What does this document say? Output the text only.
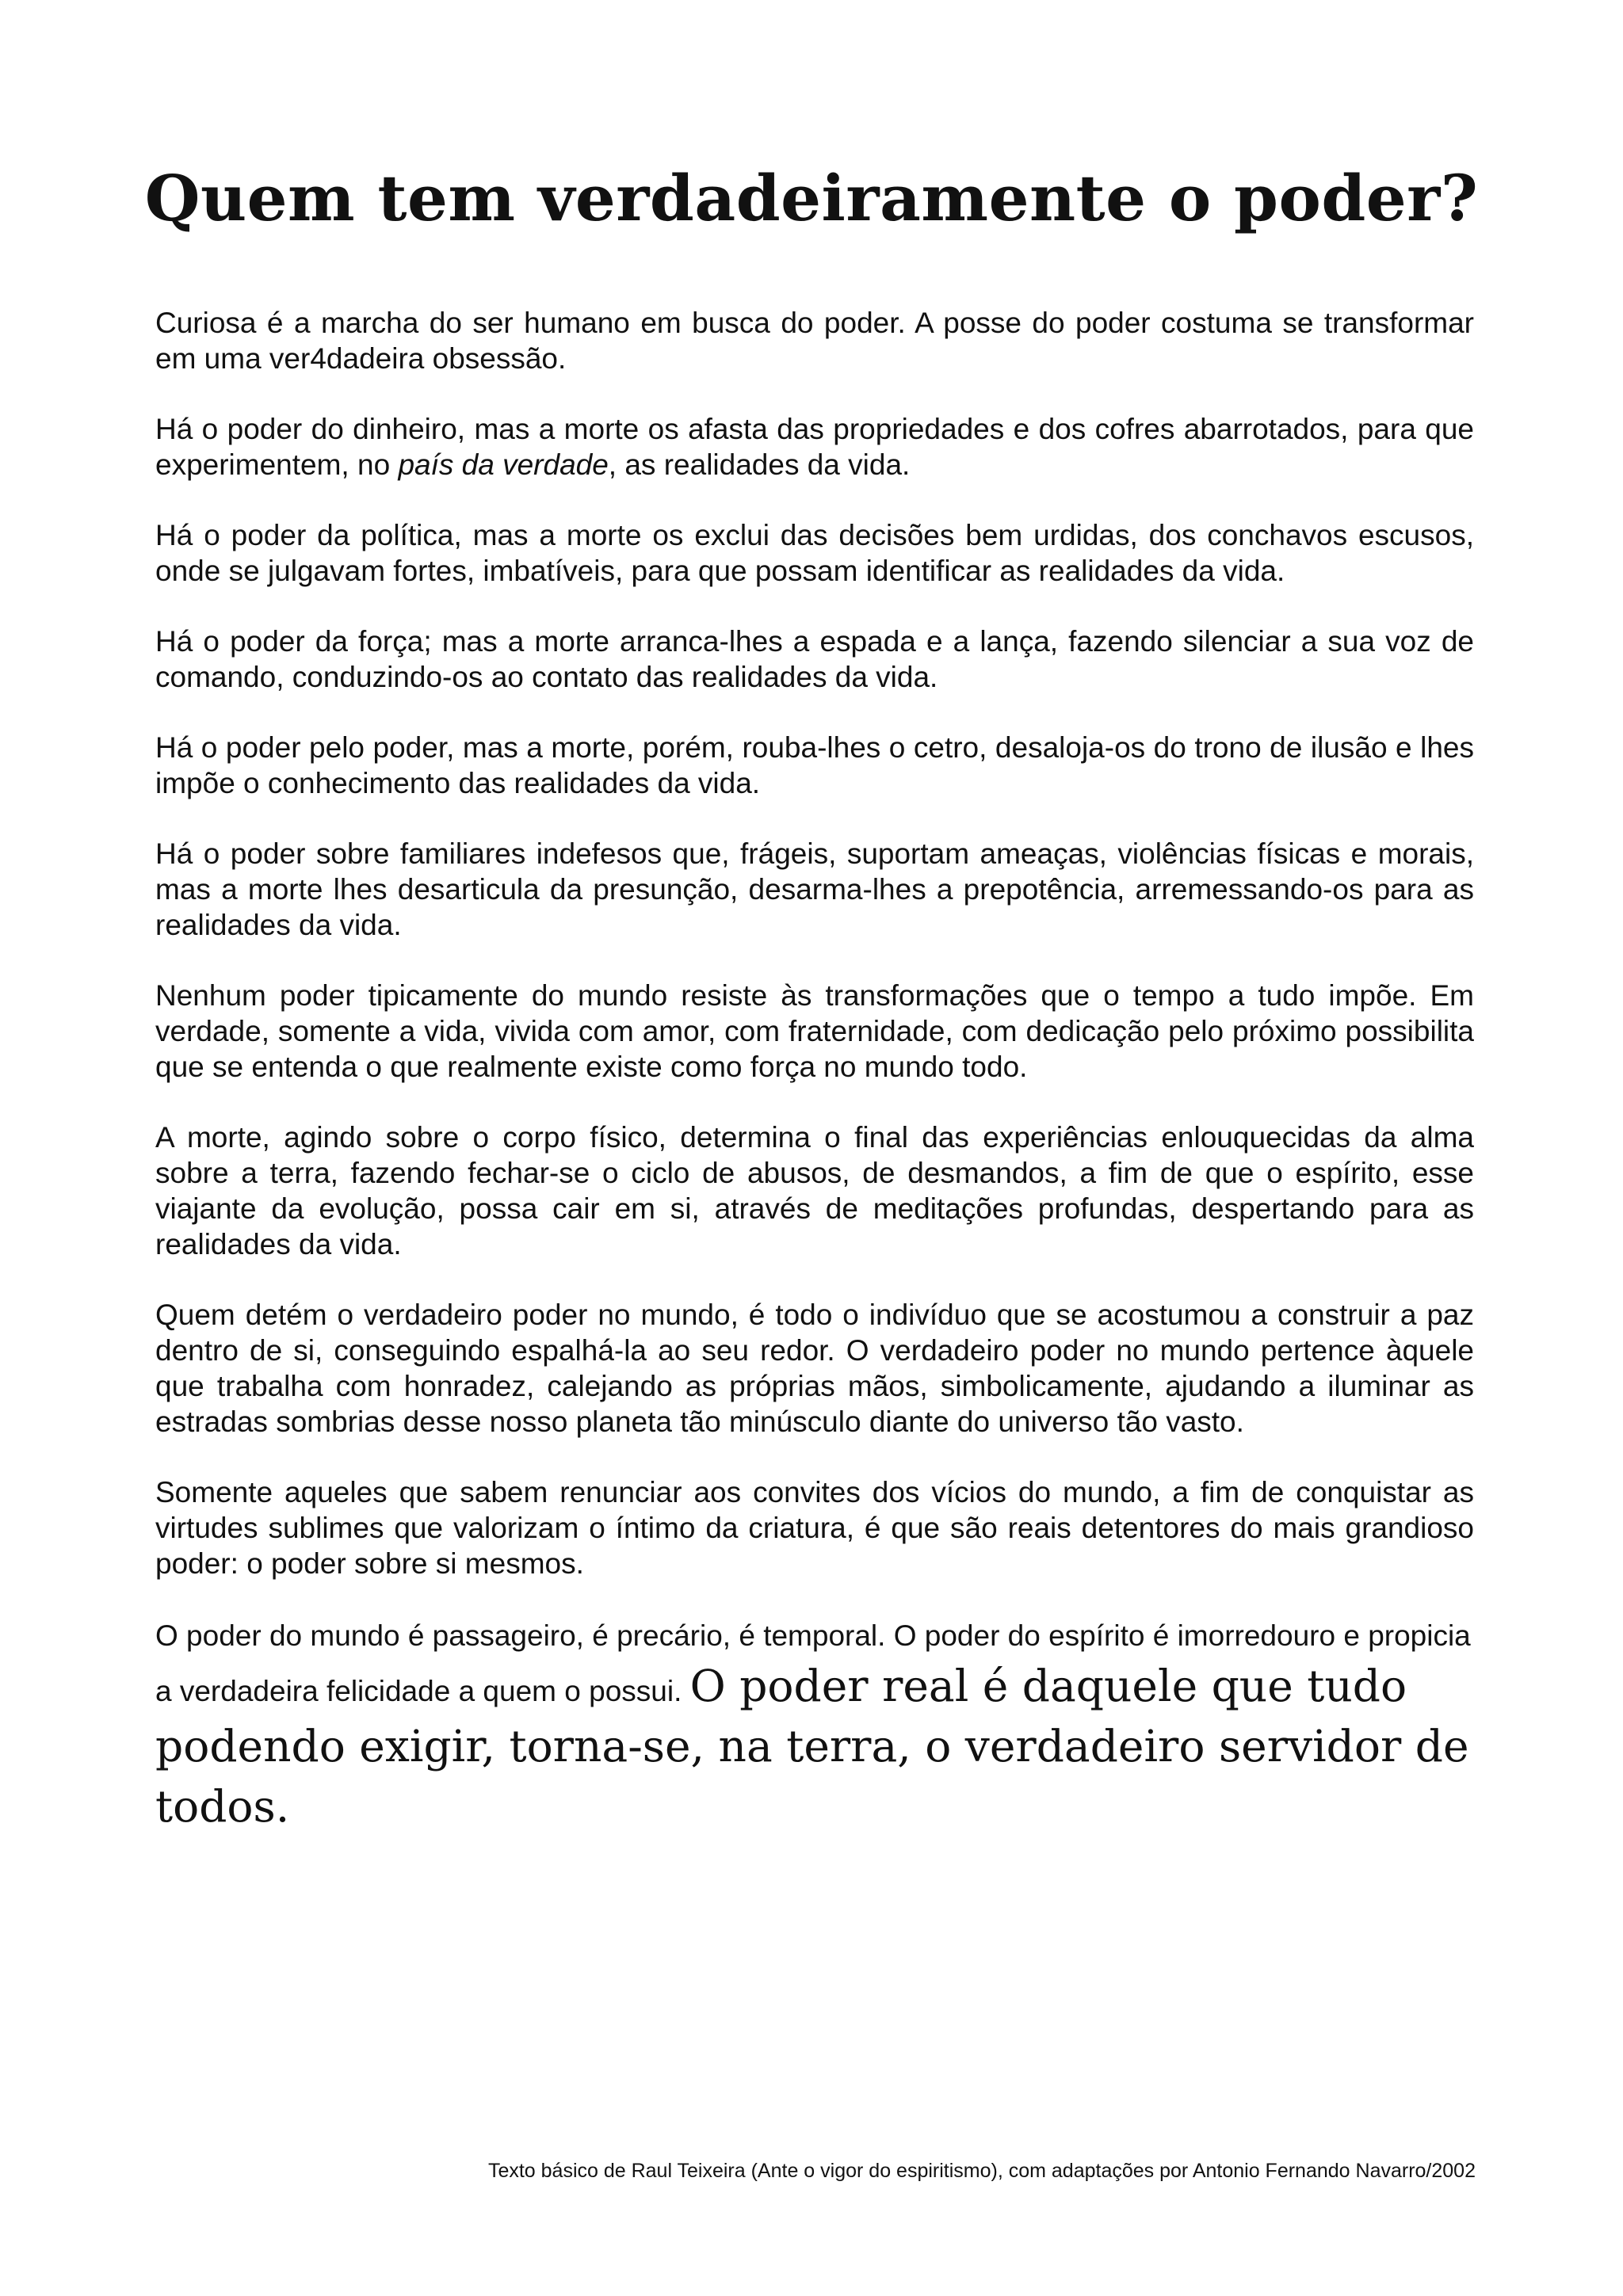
Quem tem verdadeiramente o poder?

Curiosa é a marcha do ser humano em busca do poder. A posse do poder costuma se transformar em uma ver4dadeira obsessão.

Há o poder do dinheiro, mas a morte os afasta das propriedades e dos cofres abarrotados, para que experimentem, no país da verdade, as realidades da vida.

Há o poder da política, mas a morte os exclui das decisões bem urdidas, dos conchavos escusos, onde se julgavam fortes, imbatíveis, para que possam identificar as realidades da vida.

Há o poder da força; mas a morte arranca-lhes a espada e a lança, fazendo silenciar a sua voz de comando, conduzindo-os ao contato das realidades da vida.

Há o poder pelo poder, mas a morte, porém, rouba-lhes o cetro, desaloja-os do trono de ilusão e lhes impõe o conhecimento das realidades da vida.

Há o poder sobre familiares indefesos que, frágeis, suportam ameaças, violências físicas e morais, mas a morte lhes desarticula da presunção, desarma-lhes a prepotência, arremessando-os para as realidades da vida.

Nenhum poder tipicamente do mundo resiste às transformações que o tempo a tudo impõe. Em verdade, somente a vida, vivida com amor, com fraternidade, com dedicação pelo próximo possibilita que se entenda o que realmente existe como força no mundo todo.

A morte, agindo sobre o corpo físico, determina o final das experiências enlouquecidas da alma sobre a terra, fazendo fechar-se o ciclo de abusos, de desmandos, a fim de que o espírito, esse viajante da evolução, possa cair em si, através de meditações profundas, despertando para as realidades da vida.

Quem detém o verdadeiro poder no mundo, é todo o indivíduo que se acostumou a construir a paz dentro de si, conseguindo espalhá-la ao seu redor. O verdadeiro poder no mundo pertence àquele que trabalha com honradez, calejando as próprias mãos, simbolicamente, ajudando a iluminar as estradas sombrias desse nosso planeta tão minúsculo diante do universo tão vasto.

Somente aqueles que sabem renunciar aos convites dos vícios do mundo, a fim de conquistar as virtudes sublimes que valorizam o íntimo da criatura, é que são reais detentores do mais grandioso poder: o poder sobre si mesmos.

O poder do mundo é passageiro, é precário, é temporal. O poder do espírito é imorredouro e propicia a verdadeira felicidade a quem o possui. O poder real é daquele que tudo podendo exigir, torna-se, na terra, o verdadeiro servidor de todos.

Texto básico de Raul Teixeira (Ante o vigor do espiritismo), com adaptações por Antonio Fernando Navarro/2002
